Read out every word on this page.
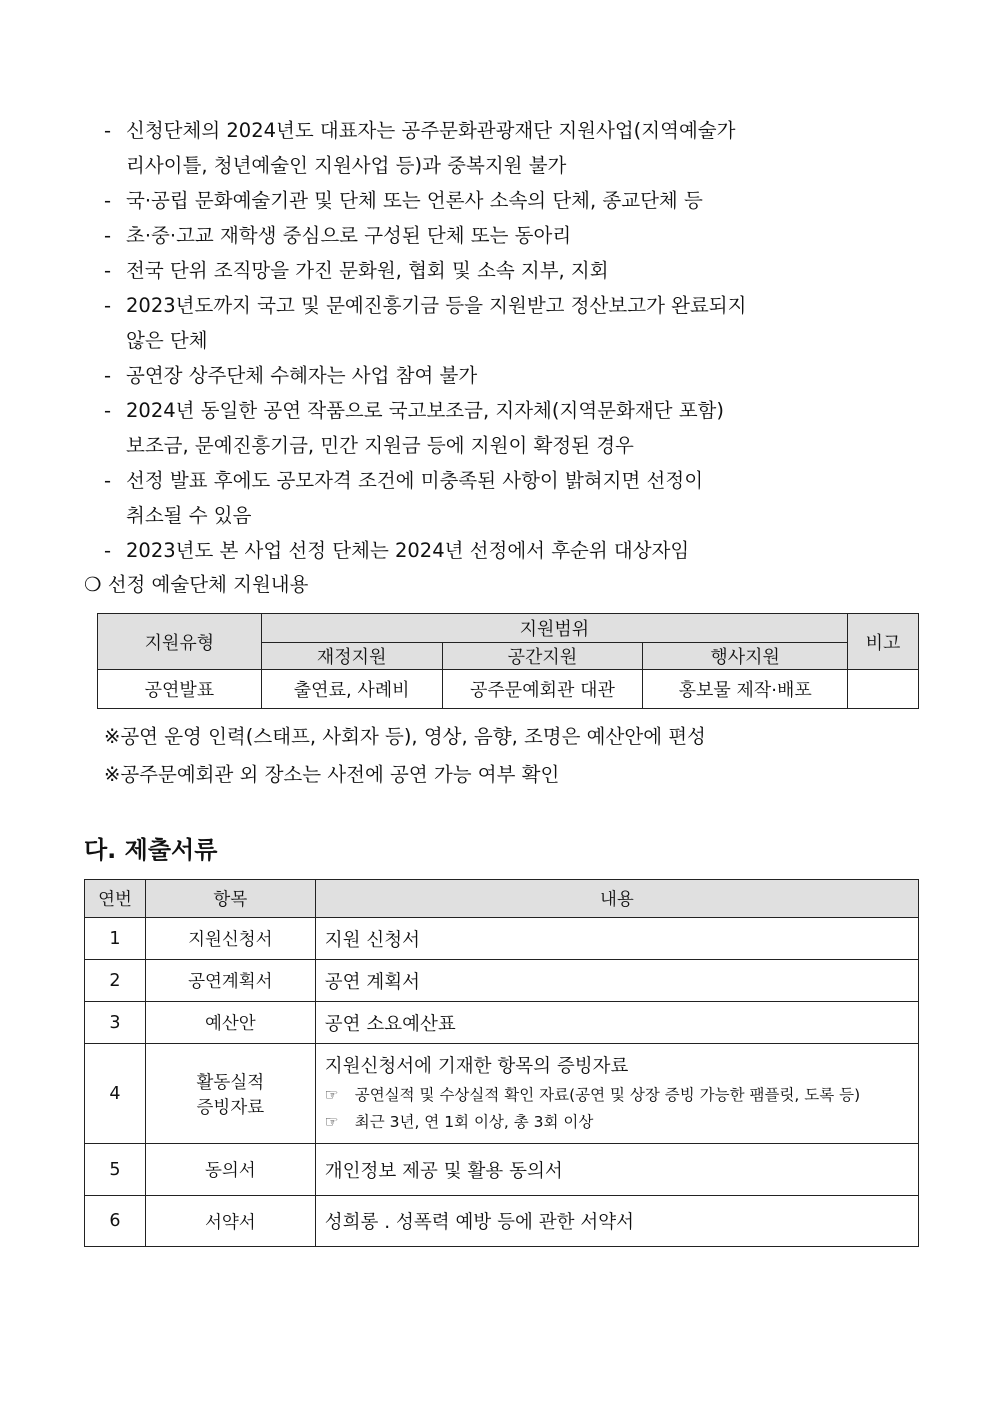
- 신청단체의 2024년도 대표자는 공주문화관광재단 지원사업(지역예술가
리사이틀, 청년예술인 지원사업 등)과 중복지원 불가
- 국·공립 문화예술기관 및 단체 또는 언론사 소속의 단체, 종교단체 등
- 초·중·고교 재학생 중심으로 구성된 단체 또는 동아리
- 전국 단위 조직망을 가진 문화원, 협회 및 소속 지부, 지회
- 2023년도까지 국고 및 문예진흥기금 등을 지원받고 정산보고가 완료되지
않은 단체
- 공연장 상주단체 수혜자는 사업 참여 불가
- 2024년 동일한 공연 작품으로 국고보조금, 지자체(지역문화재단 포함)
보조금, 문예진흥기금, 민간 지원금 등에 지원이 확정된 경우
- 선정 발표 후에도 공모자격 조건에 미충족된 사항이 밝혀지면 선정이
취소될 수 있음
- 2023년도 본 사업 선정 단체는 2024년 선정에서 후순위 대상자임
❍ 선정 예술단체 지원내용
지원유형	지원범위			비고
	재정지원	공간지원	행사지원	
공연발표	출연료, 사례비	공주문예회관 대관	홍보물 제작·배포	
※공연 운영 인력(스태프, 사회자 등), 영상, 음향, 조명은 예산안에 편성
※공주문예회관 외 장소는 사전에 공연 가능 여부 확인
다. 제출서류
연번	항목	내용
1	지원신청서	지원 신청서
2	공연계획서	공연 계획서
3	예산안	공연 소요예산표
4	활동실적
증빙자료	지원신청서에 기재한 항목의 증빙자료
☞ 공연실적 및 수상실적 확인 자료(공연 및 상장 증빙 가능한 팸플릿, 도록 등)
☞ 최근 3년, 연 1회 이상, 총 3회 이상

5	동의서	개인정보 제공 및 활용 동의서
6	서약서	성희롱 . 성폭력 예방 등에 관한 서약서
